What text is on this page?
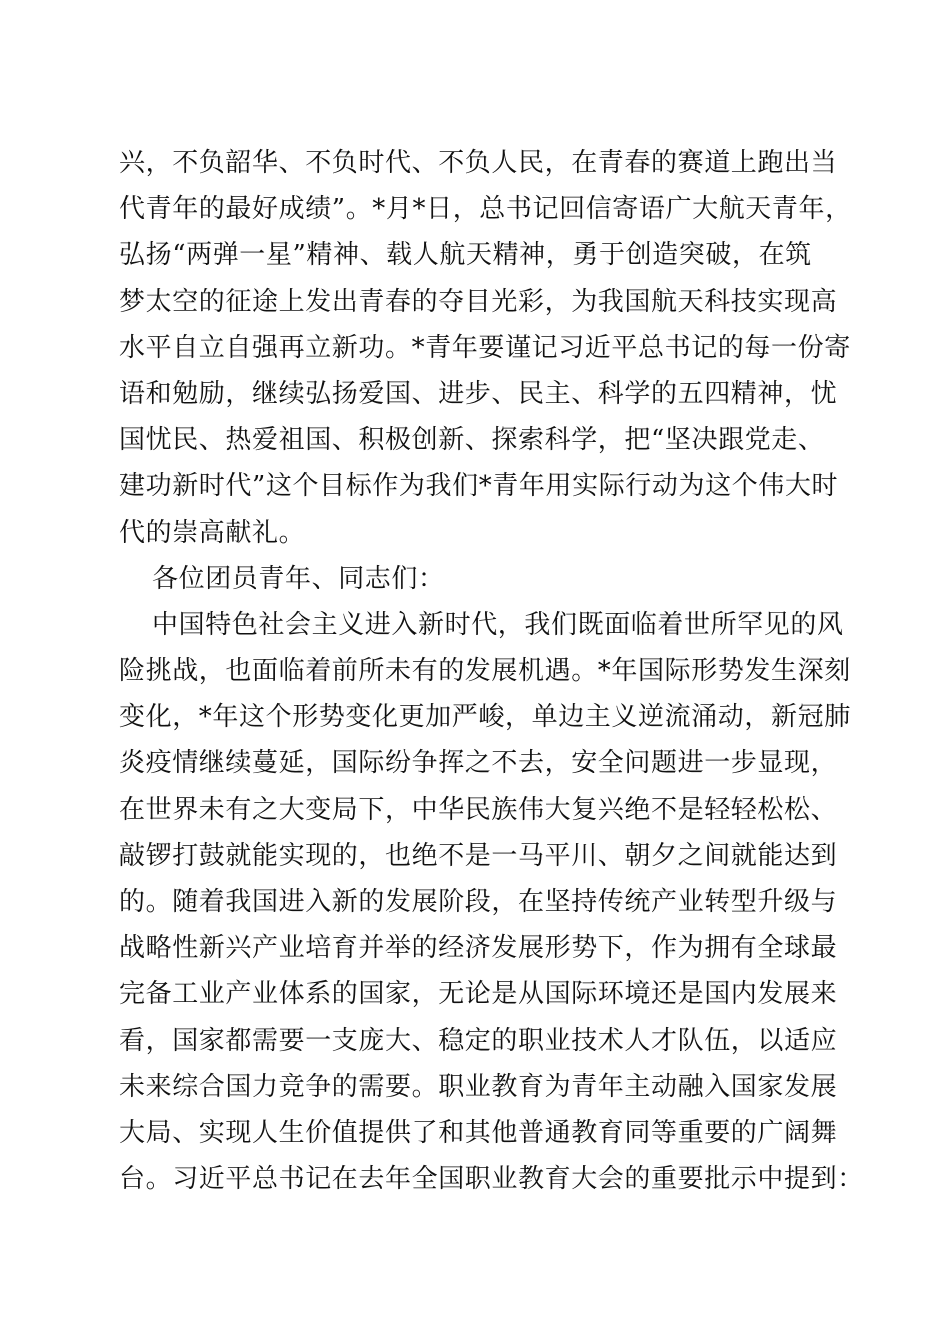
兴，不负韶华、不负时代、不负人民，在青春的赛道上跑出当
代青年的最好成绩”。*月*日，总书记回信寄语广大航天青年，
弘扬“两弹一星”精神、载人航天精神，勇于创造突破，在筑
梦太空的征途上发出青春的夺目光彩，为我国航天科技实现高
水平自立自强再立新功。*青年要谨记习近平总书记的每一份寄
语和勉励，继续弘扬爱国、进步、民主、科学的五四精神，忧
国忧民、热爱祖国、积极创新、探索科学，把“坚决跟党走、
建功新时代”这个目标作为我们*青年用实际行动为这个伟大时
代的崇高献礼。
各位团员青年、同志们：
中国特色社会主义进入新时代，我们既面临着世所罕见的风
险挑战，也面临着前所未有的发展机遇。*年国际形势发生深刻
变化，*年这个形势变化更加严峻，单边主义逆流涌动，新冠肺
炎疫情继续蔓延，国际纷争挥之不去，安全问题进一步显现，
在世界未有之大变局下，中华民族伟大复兴绝不是轻轻松松、
敲锣打鼓就能实现的，也绝不是一马平川、朝夕之间就能达到
的。随着我国进入新的发展阶段，在坚持传统产业转型升级与
战略性新兴产业培育并举的经济发展形势下，作为拥有全球最
完备工业产业体系的国家，无论是从国际环境还是国内发展来
看，国家都需要一支庞大、稳定的职业技术人才队伍，以适应
未来综合国力竞争的需要。职业教育为青年主动融入国家发展
大局、实现人生价值提供了和其他普通教育同等重要的广阔舞
台。习近平总书记在去年全国职业教育大会的重要批示中提到：
